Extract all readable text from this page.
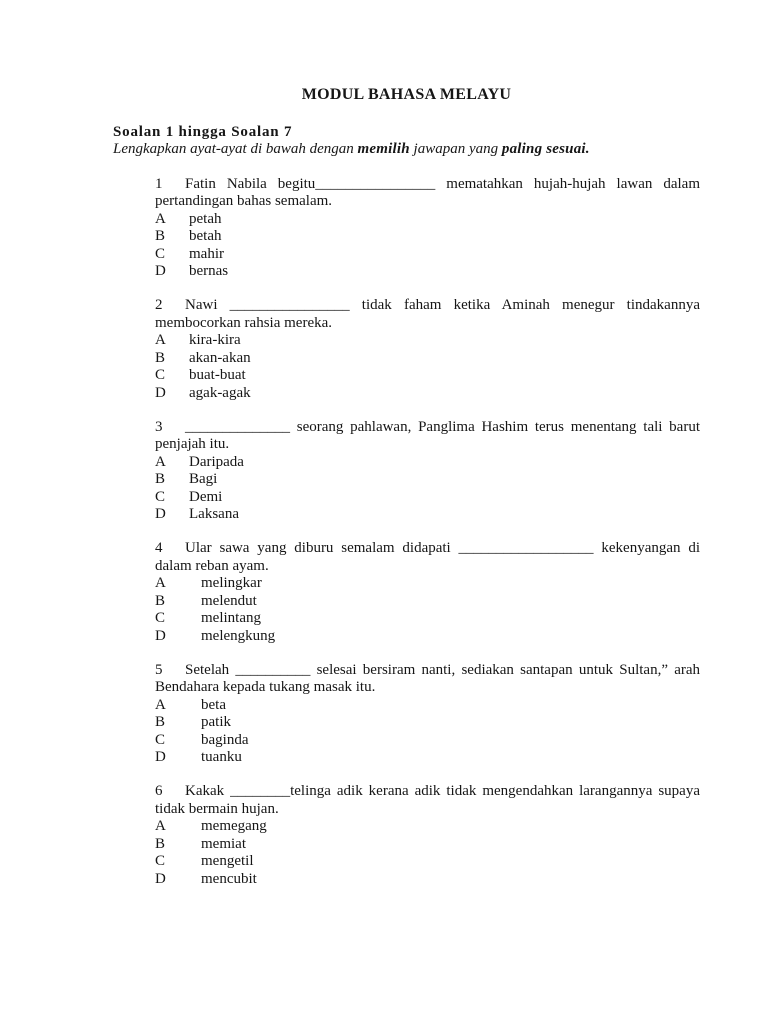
MODUL BAHASA MELAYU

Soalan 1 hingga Soalan 7

Lengkapkan ayat-ayat di bawah dengan memilih jawapan yang paling sesuai.

1 Fatin Nabila begitu________________ mematahkan hujah-hujah lawan dalam pertandingan bahas semalam.

A	petah
B	betah
C	mahir
D	bernas

2 Nawi ________________ tidak faham ketika Aminah menegur tindakannya membocorkan rahsia mereka.

A	kira-kira
B	akan-akan
C	buat-buat
D	agak-agak

3 ______________ seorang pahlawan, Panglima Hashim terus menentang tali barut penjajah itu.

A	Daripada
B	Bagi
C	Demi
D	Laksana

4 Ular sawa yang diburu semalam didapati __________________ kekenyangan di dalam reban ayam.

A	melingkar
B	melendut
C	melintang
D	melengkung

5 Setelah __________ selesai bersiram nanti, sediakan santapan untuk Sultan,” arah Bendahara kepada tukang masak itu.

A	beta
B	patik
C	baginda
D	tuanku

6 Kakak ________telinga adik kerana adik tidak mengendahkan larangannya supaya tidak bermain hujan.

A	memegang
B	memiat
C	mengetil
D	mencubit
